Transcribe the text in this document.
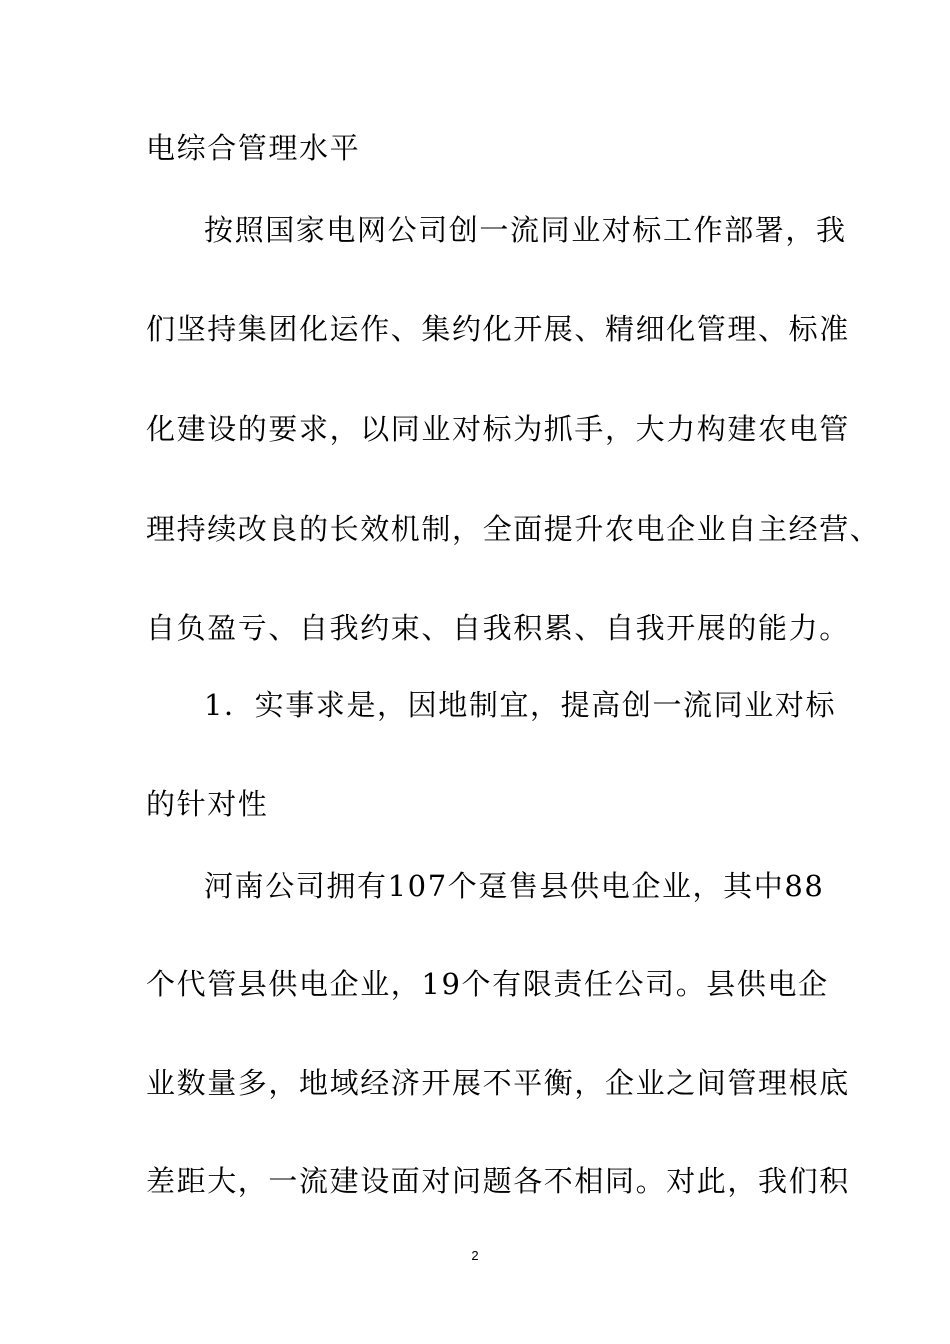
电综合管理水平
按照国家电网公司创一流同业对标工作部署，我
们坚持集团化运作、集约化开展、精细化管理、标准
化建设的要求，以同业对标为抓手，大力构建农电管
理持续改良的长效机制，全面提升农电企业自主经营、
自负盈亏、自我约束、自我积累、自我开展的能力。
1．实事求是，因地制宜，提高创一流同业对标
的针对性
河南公司拥有107个趸售县供电企业，其中88
个代管县供电企业，19个有限责任公司。县供电企
业数量多，地域经济开展不平衡，企业之间管理根底
差距大，一流建设面对问题各不相同。对此，我们积
2
